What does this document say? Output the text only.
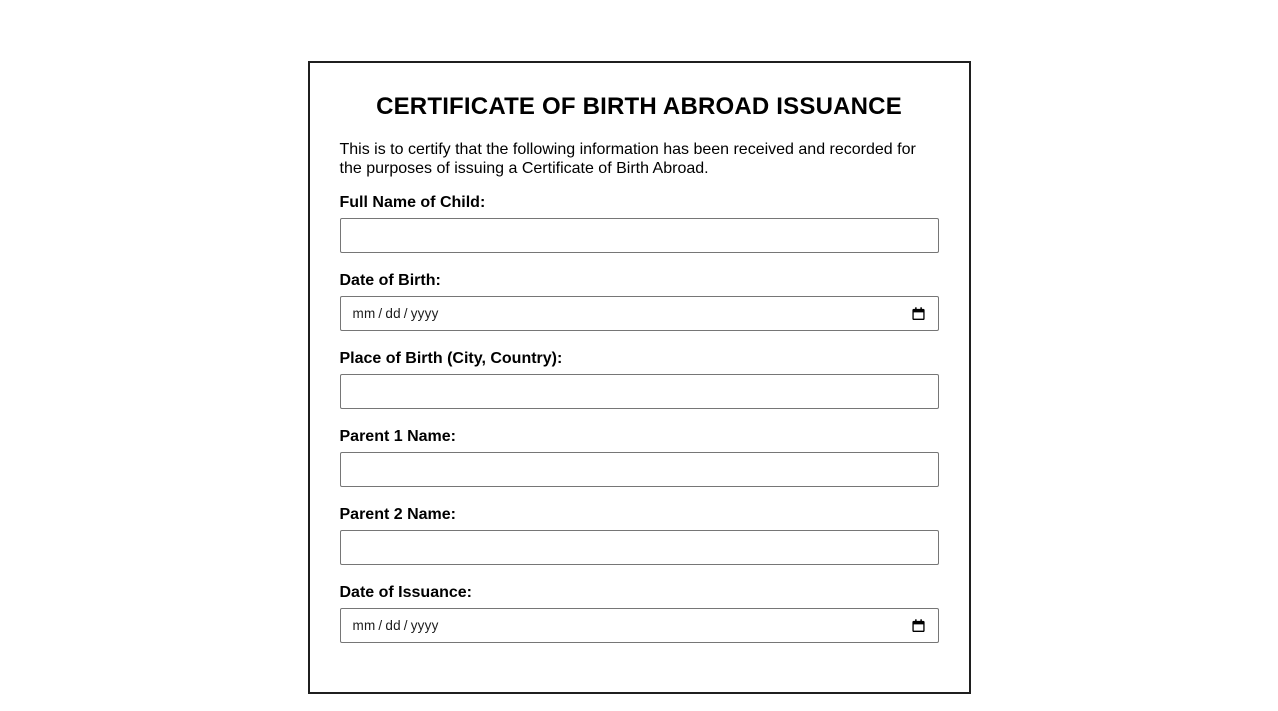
CERTIFICATE OF BIRTH ABROAD ISSUANCE

This is to certify that the following information has been received and recorded for the purposes of issuing a Certificate of Birth Abroad.

Full Name of Child:
Date of Birth:
mm / dd / yyyy
Place of Birth (City, Country):
Parent 1 Name:
Parent 2 Name:
Date of Issuance:
mm / dd / yyyy
